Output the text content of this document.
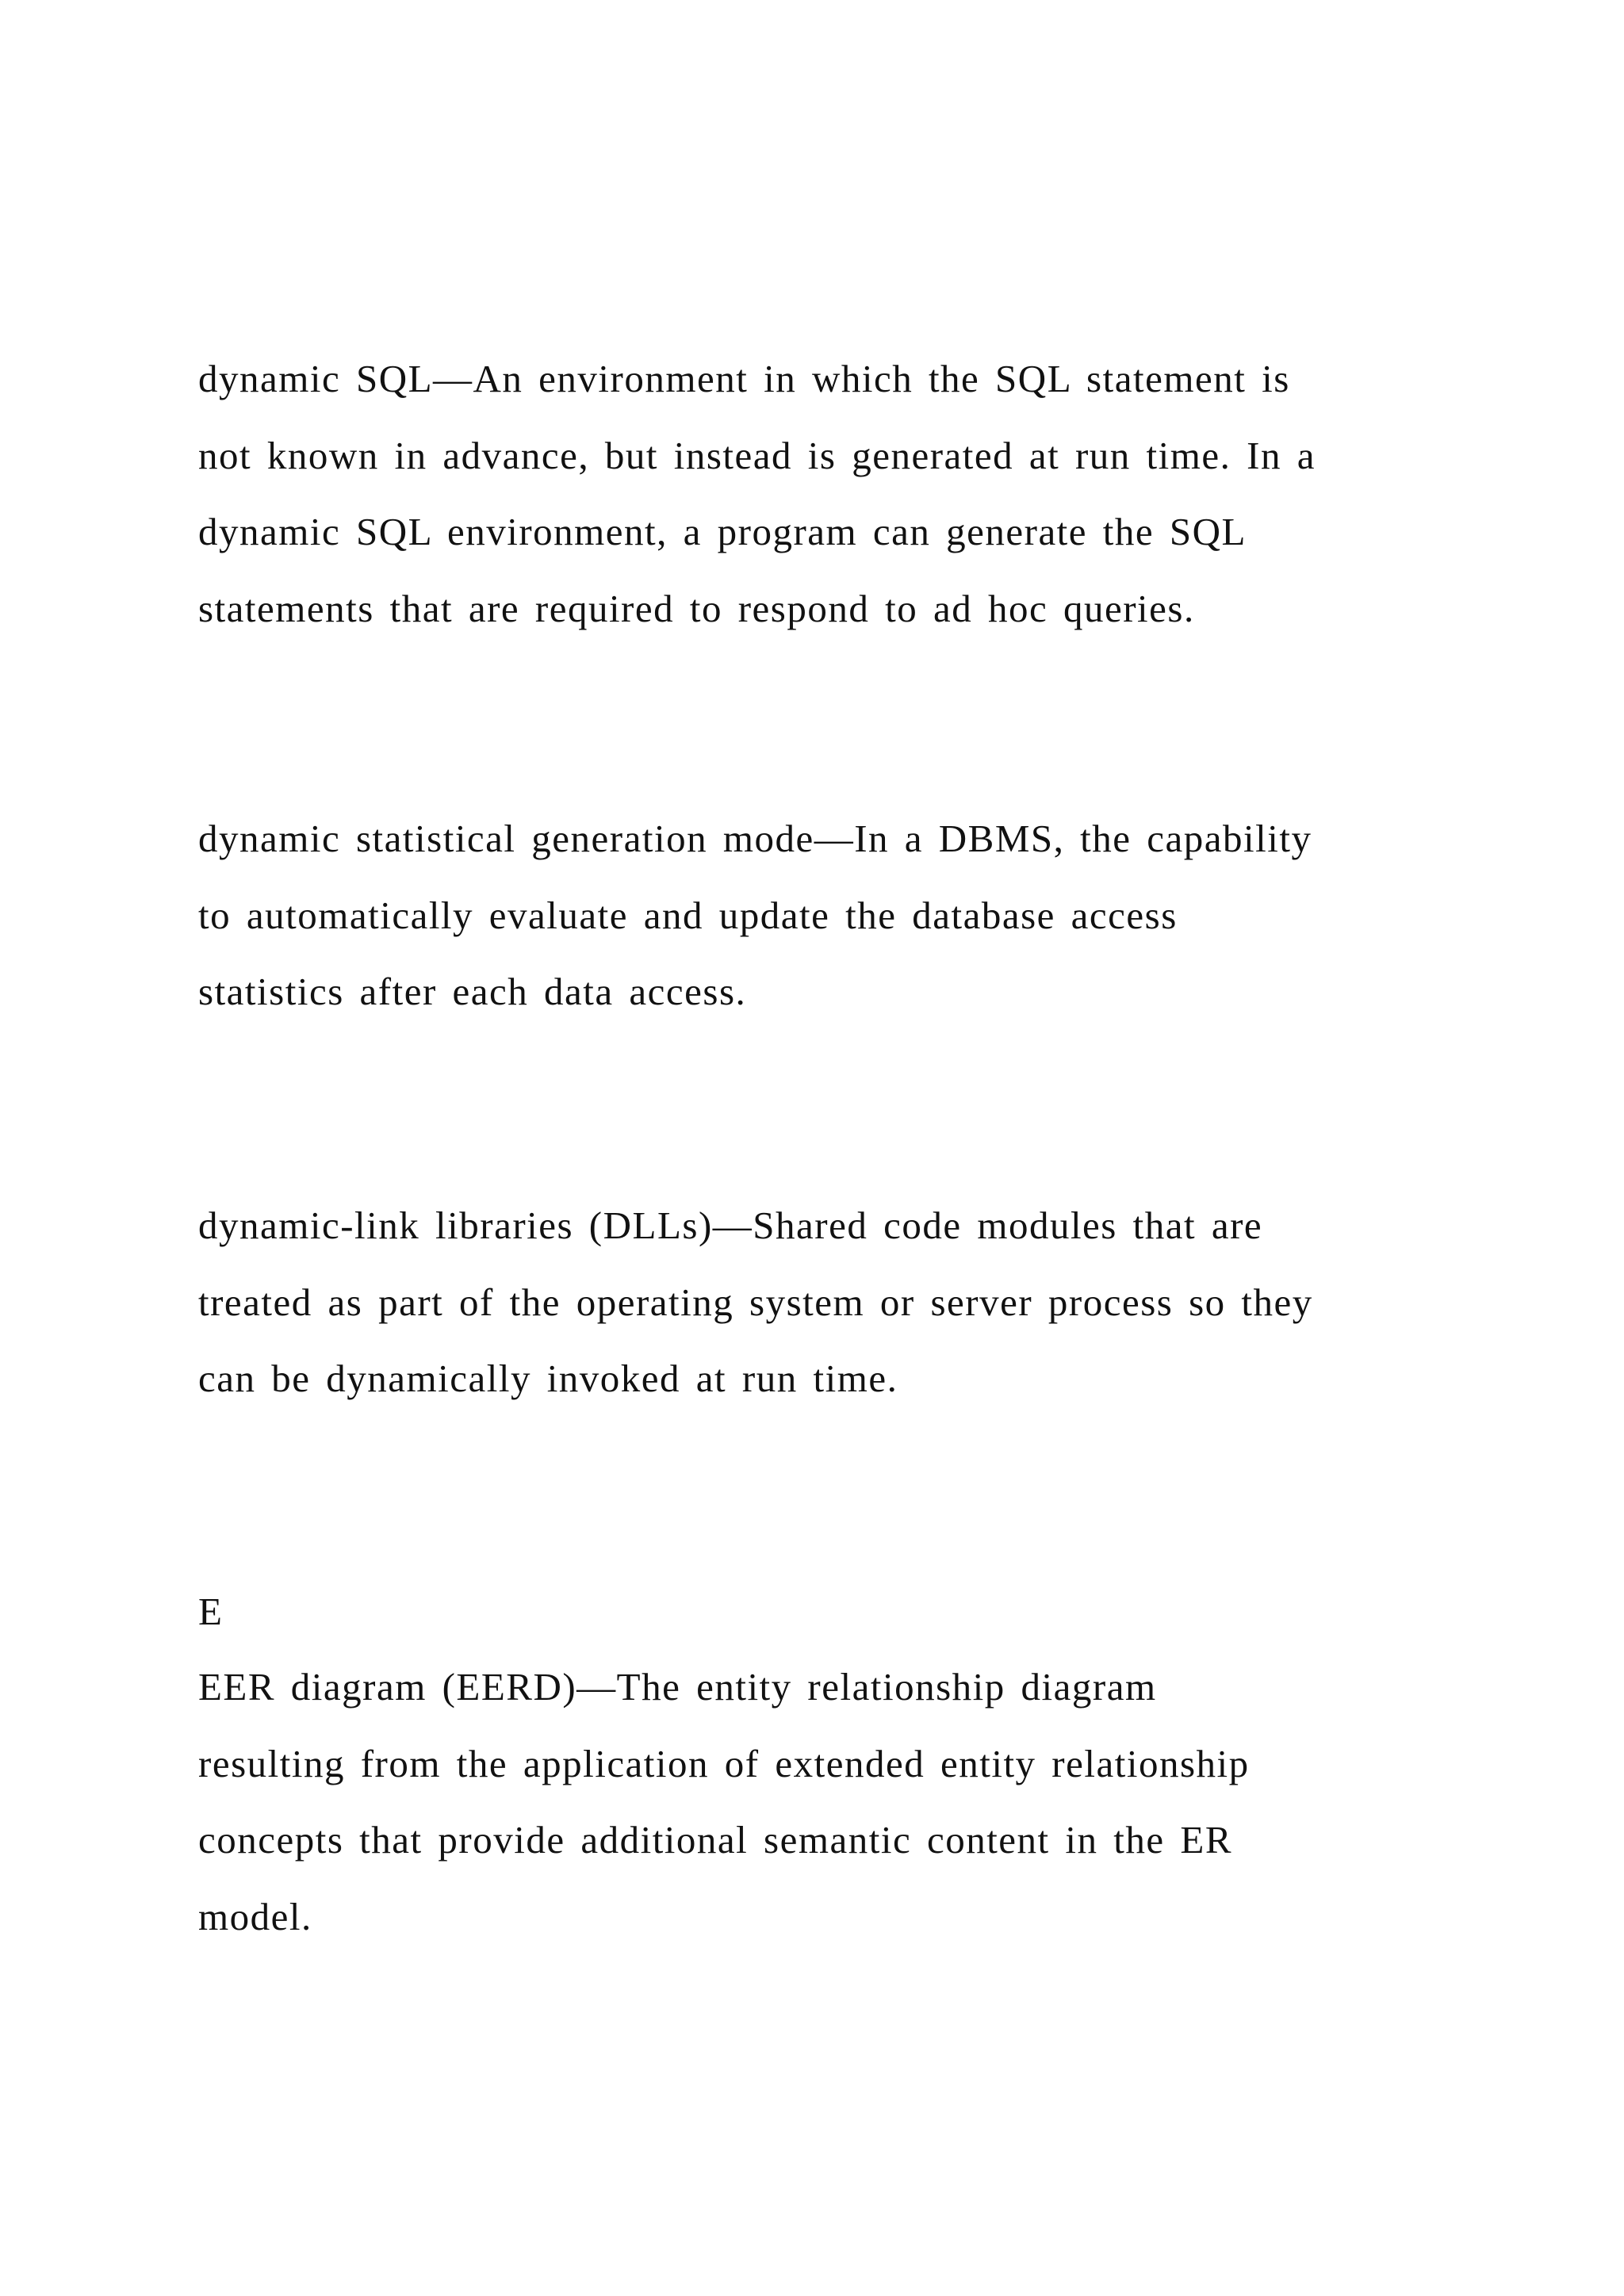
dynamic SQL—An environment in which the SQL statement is
not known in advance, but instead is generated at run time. In a
dynamic SQL environment, a program can generate the SQL
statements that are required to respond to ad hoc queries.
dynamic statistical generation mode—In a DBMS, the capability
to automatically evaluate and update the database access
statistics after each data access.
dynamic-link libraries (DLLs)—Shared code modules that are
treated as part of the operating system or server process so they
can be dynamically invoked at run time.
E
EER diagram (EERD)—The entity relationship diagram
resulting from the application of extended entity relationship
concepts that provide additional semantic content in the ER
model.
